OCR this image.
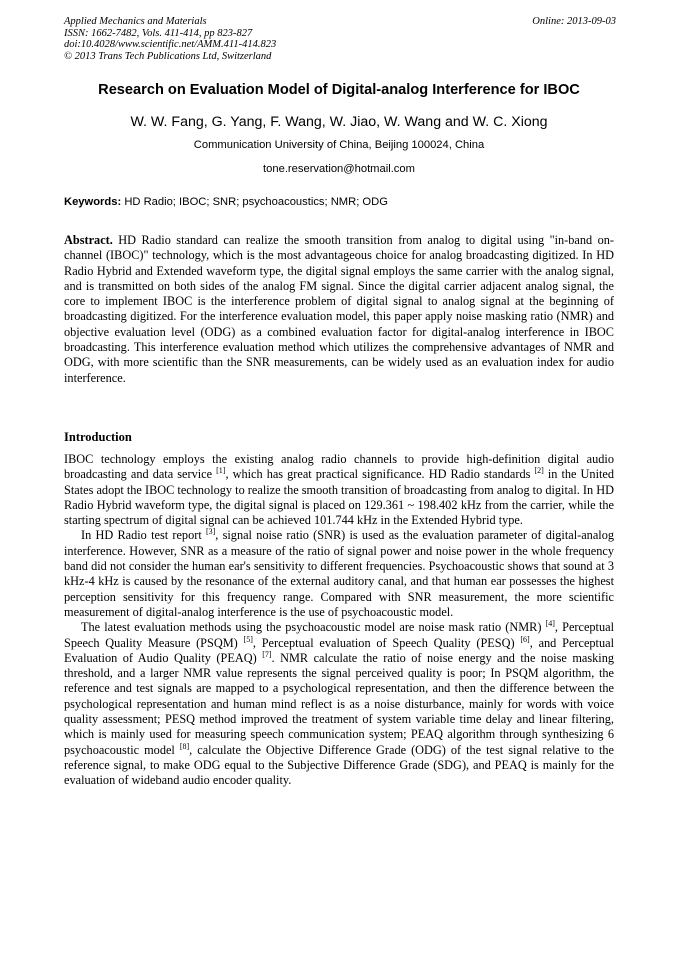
Applied Mechanics and Materials
ISSN: 1662-7482, Vols. 411-414, pp 823-827
doi:10.4028/www.scientific.net/AMM.411-414.823
© 2013 Trans Tech Publications Ltd, Switzerland
Online: 2013-09-03
Research on Evaluation Model of Digital-analog Interference for IBOC
W. W. Fang, G. Yang, F. Wang, W. Jiao, W. Wang and W. C. Xiong
Communication University of China, Beijing 100024, China
tone.reservation@hotmail.com
Keywords: HD Radio; IBOC; SNR; psychoacoustics; NMR; ODG
Abstract. HD Radio standard can realize the smooth transition from analog to digital using "in-band on-channel (IBOC)" technology, which is the most advantageous choice for analog broadcasting digitized. In HD Radio Hybrid and Extended waveform type, the digital signal employs the same carrier with the analog signal, and is transmitted on both sides of the analog FM signal. Since the digital carrier adjacent analog signal, the core to implement IBOC is the interference problem of digital signal to analog signal at the beginning of broadcasting digitized. For the interference evaluation model, this paper apply noise masking ratio (NMR) and objective evaluation level (ODG) as a combined evaluation factor for digital-analog interference in IBOC broadcasting. This interference evaluation method which utilizes the comprehensive advantages of NMR and ODG, with more scientific than the SNR measurements, can be widely used as an evaluation index for audio interference.
Introduction

IBOC technology employs the existing analog radio channels to provide high-definition digital audio broadcasting and data service [1], which has great practical significance. HD Radio standards [2] in the United States adopt the IBOC technology to realize the smooth transition of broadcasting from analog to digital. In HD Radio Hybrid waveform type, the digital signal is placed on 129.361 ~ 198.402 kHz from the carrier, while the starting spectrum of digital signal can be achieved 101.744 kHz in the Extended Hybrid type.

In HD Radio test report [3], signal noise ratio (SNR) is used as the evaluation parameter of digital-analog interference. However, SNR as a measure of the ratio of signal power and noise power in the whole frequency band did not consider the human ear's sensitivity to different frequencies. Psychoacoustic shows that sound at 3 kHz-4 kHz is caused by the resonance of the external auditory canal, and that human ear possesses the highest perception sensitivity for this frequency range. Compared with SNR measurement, the more scientific measurement of digital-analog interference is the use of psychoacoustic model.

The latest evaluation methods using the psychoacoustic model are noise mask ratio (NMR) [4], Perceptual Speech Quality Measure (PSQM) [5], Perceptual evaluation of Speech Quality (PESQ) [6], and Perceptual Evaluation of Audio Quality (PEAQ) [7]. NMR calculate the ratio of noise energy and the noise masking threshold, and a larger NMR value represents the signal perceived quality is poor; In PSQM algorithm, the reference and test signals are mapped to a psychological representation, and then the difference between the psychological representation and human mind reflect is as a noise disturbance, mainly for words with voice quality assessment; PESQ method improved the treatment of system variable time delay and linear filtering, which is mainly used for measuring speech communication system; PEAQ algorithm through synthesizing 6 psychoacoustic model [8], calculate the Objective Difference Grade (ODG) of the test signal relative to the reference signal, to make ODG equal to the Subjective Difference Grade (SDG), and PEAQ is mainly for the evaluation of wideband audio encoder quality.
